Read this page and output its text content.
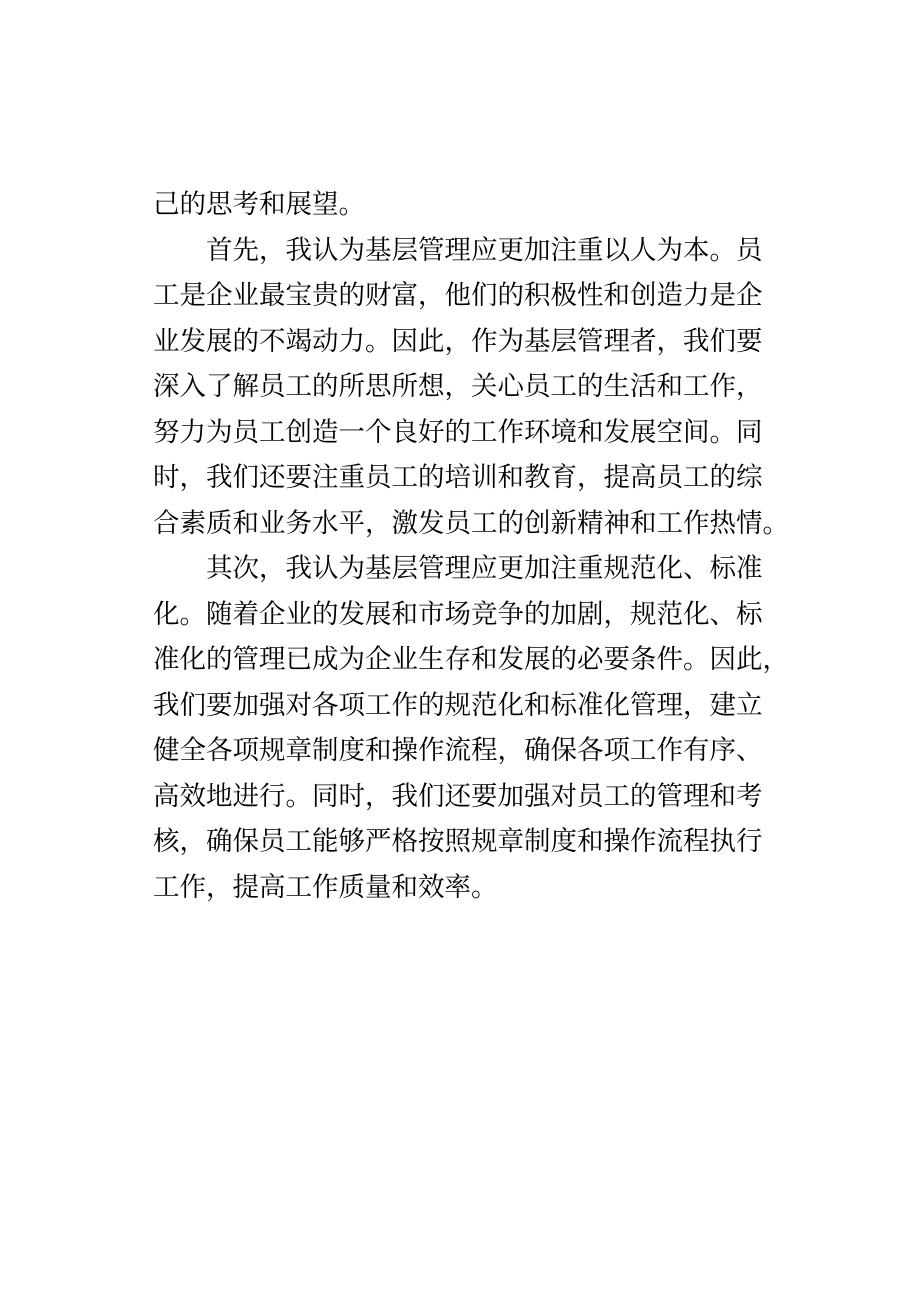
己的思考和展望。
首先，我认为基层管理应更加注重以人为本。员
工是企业最宝贵的财富，他们的积极性和创造力是企
业发展的不竭动力。因此，作为基层管理者，我们要
深入了解员工的所思所想，关心员工的生活和工作，
努力为员工创造一个良好的工作环境和发展空间。同
时，我们还要注重员工的培训和教育，提高员工的综
合素质和业务水平，激发员工的创新精神和工作热情。
其次，我认为基层管理应更加注重规范化、标准
化。随着企业的发展和市场竞争的加剧，规范化、标
准化的管理已成为企业生存和发展的必要条件。因此，
我们要加强对各项工作的规范化和标准化管理，建立
健全各项规章制度和操作流程，确保各项工作有序、
高效地进行。同时，我们还要加强对员工的管理和考
核，确保员工能够严格按照规章制度和操作流程执行
工作，提高工作质量和效率。
